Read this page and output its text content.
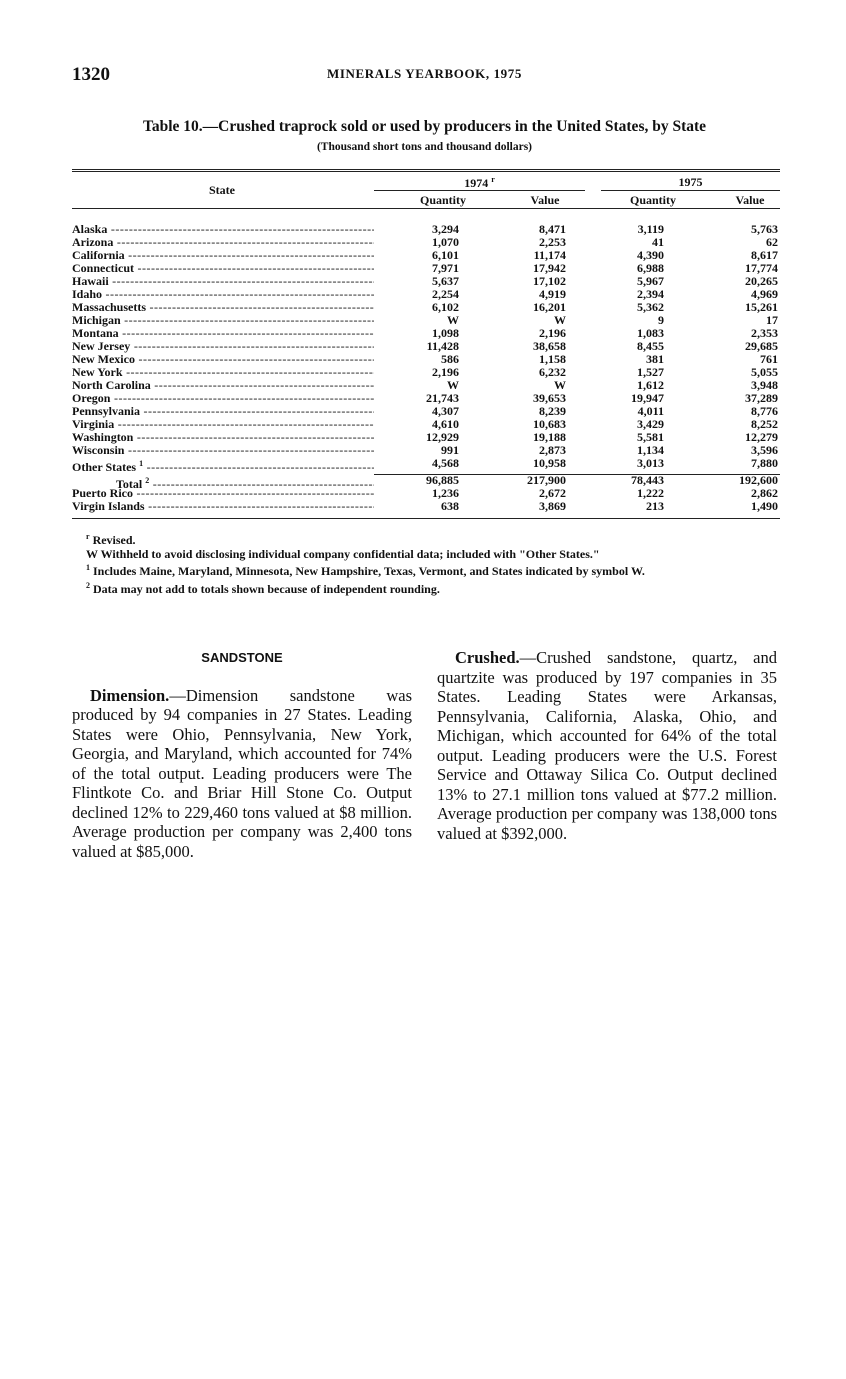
1320	MINERALS YEARBOOK, 1975
Table 10.—Crushed traprock sold or used by producers in the United States, by State
(Thousand short tons and thousand dollars)
State	1974 $^r$	1975
Quantity	Value	Quantity	Value
Alaska -----	3,294	8,471	3,119	5,763
Arizona -----	1,070	2,253	41	62
California -----	6,101	11,174	4,390	8,617
Connecticut -----	7,971	17,942	6,988	17,774
Hawaii -----	5,637	17,102	5,967	20,265
Idaho -----	2,254	4,919	2,394	4,969
Massachusetts -----	6,102	16,201	5,362	15,261
Michigan -----	W	W	9	17
Montana -----	1,098	2,196	1,083	2,353
New Jersey -----	11,428	38,658	8,455	29,685
New Mexico -----	586	1,158	381	761
New York -----	2,196	6,232	1,527	5,055
North Carolina -----	W	W	1,612	3,948
Oregon -----	21,743	39,653	19,947	37,289
Pennsylvania -----	4,307	8,239	4,011	8,776
Virginia -----	4,610	10,683	3,429	8,252
Washington -----	12,929	19,188	5,581	12,279
Wisconsin -----	991	2,873	1,134	3,596
Other States $^1$ -----	4,568	10,958	3,013	7,880
Total $^2$ -----	96,885	217,900	78,443	192,600
Puerto Rico -----	1,236	2,672	1,222	2,862
Virgin Islands -----	638	3,869	213	1,490

$^r$ Revised.

W Withheld to avoid disclosing individual company confidential data; included with "Other States."

$^1$ Includes Maine, Maryland, Minnesota, New Hampshire, Texas, Vermont, and States indicated by symbol W.

$^2$ Data may not add to totals shown because of independent rounding.

SANDSTONE

Dimension.—Dimension sandstone was produced by 94 companies in 27 States. Leading States were Ohio, Pennsylvania, New York, Georgia, and Maryland, which accounted for 74% of the total output. Leading producers were The Flintkote Co. and Briar Hill Stone Co. Output declined 12% to 229,460 tons valued at $8 million. Average production per company was 2,400 tons valued at $85,000.

Crushed.—Crushed sandstone, quartz, and quartzite was produced by 197 companies in 35 States. Leading States were Arkansas, Pennsylvania, California, Alaska, Ohio, and Michigan, which accounted for 64% of the total output. Leading producers were the U.S. Forest Service and Ottaway Silica Co. Output declined 13% to 27.1 million tons valued at $77.2 million. Average production per company was 138,000 tons valued at $392,000.
